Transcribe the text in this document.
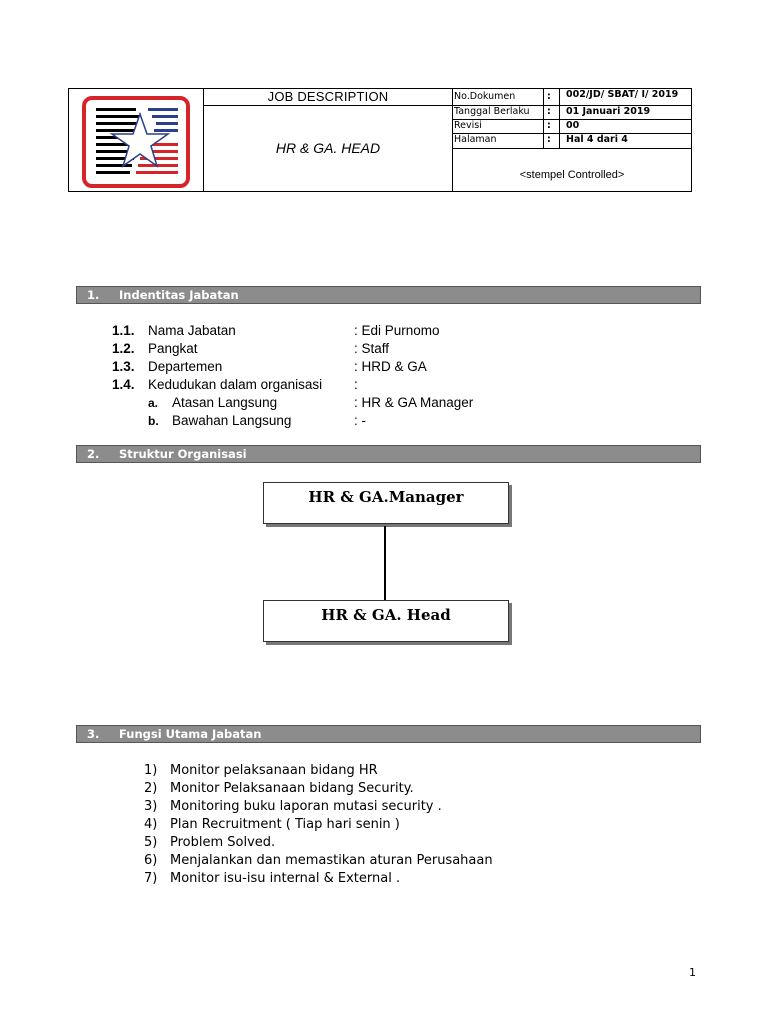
JOB DESCRIPTION
HR & GA. HEAD
No.Dokumen	: 002/JD/ SBAT/ I/ 2019
Tanggal Berlaku : 01 Januari 2019
Revisi	: 00
Halaman	: Hal 4 dari 4
<stempel Controlled>
1. Indentitas Jabatan
1.1. Nama Jabatan	: Edi Purnomo
1.2. Pangkat	: Staff
1.3. Departemen	: HRD & GA
1.4. Kedudukan dalam organisasi :
a. Atasan Langsung	: HR & GA Manager
b. Bawahan Langsung	: -
2. Struktur Organisasi
HR & GA.Manager
HR & GA. Head
3. Fungsi Utama Jabatan
1) Monitor pelaksanaan bidang HR
2) Monitor Pelaksanaan bidang Security.
3) Monitoring buku laporan mutasi security .
4) Plan Recruitment ( Tiap hari senin )
5) Problem Solved.
6) Menjalankan dan memastikan aturan Perusahaan
7) Monitor isu-isu internal & External .
1
